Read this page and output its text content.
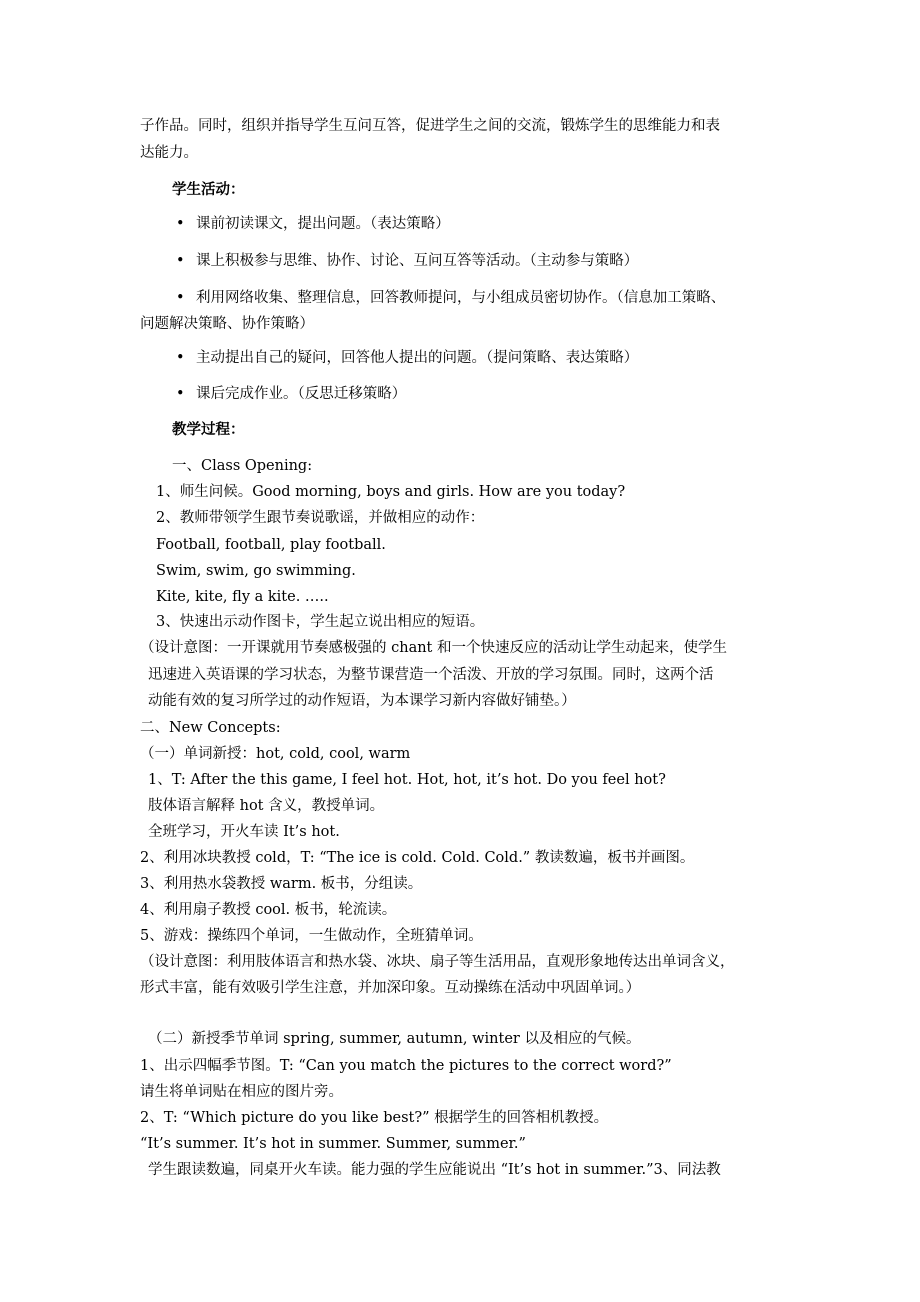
子作品。同时，组织并指导学生互问互答，促进学生之间的交流，锻炼学生的思维能力和表
达能力。
学生活动：
• 课前初读课文，提出问题。（表达策略）
• 课上积极参与思维、协作、讨论、互问互答等活动。（主动参与策略）
• 利用网络收集、整理信息，回答教师提问，与小组成员密切协作。（信息加工策略、
问题解决策略、协作策略）
• 主动提出自己的疑问，回答他人提出的问题。（提问策略、表达策略）
• 课后完成作业。（反思迁移策略）
教学过程：
一、Class Opening:
1、师生问候。Good morning, boys and girls. How are you today?
2、教师带领学生跟节奏说歌谣，并做相应的动作：
Football, football, play football.
Swim, swim, go swimming.
Kite, kite, fly a kite. …..
3、快速出示动作图卡，学生起立说出相应的短语。
（设计意图：一开课就用节奏感极强的 chant 和一个快速反应的活动让学生动起来，使学生
迅速进入英语课的学习状态，为整节课营造一个活泼、开放的学习氛围。同时，这两个活
动能有效的复习所学过的动作短语，为本课学习新内容做好铺垫。）
二、New Concepts:
（一）单词新授：hot, cold, cool, warm
1、T: After the this game, I feel hot. Hot, hot, it’s hot. Do you feel hot?
肢体语言解释 hot 含义，教授单词。
全班学习，开火车读 It’s hot.
2、利用冰块教授 cold，T: “The ice is cold. Cold. Cold.” 教读数遍，板书并画图。
3、利用热水袋教授 warm. 板书，分组读。
4、利用扇子教授 cool. 板书，轮流读。
5、游戏：操练四个单词，一生做动作，全班猜单词。
（设计意图：利用肢体语言和热水袋、冰块、扇子等生活用品，直观形象地传达出单词含义，
形式丰富，能有效吸引学生注意，并加深印象。互动操练在活动中巩固单词。）
（二）新授季节单词 spring, summer, autumn, winter 以及相应的气候。
1、出示四幅季节图。T: “Can you match the pictures to the correct word?”
请生将单词贴在相应的图片旁。
2、T: “Which picture do you like best?” 根据学生的回答相机教授。
“It’s summer. It’s hot in summer. Summer, summer.”
学生跟读数遍，同桌开火车读。能力强的学生应能说出 “It’s hot in summer.”3、同法教
